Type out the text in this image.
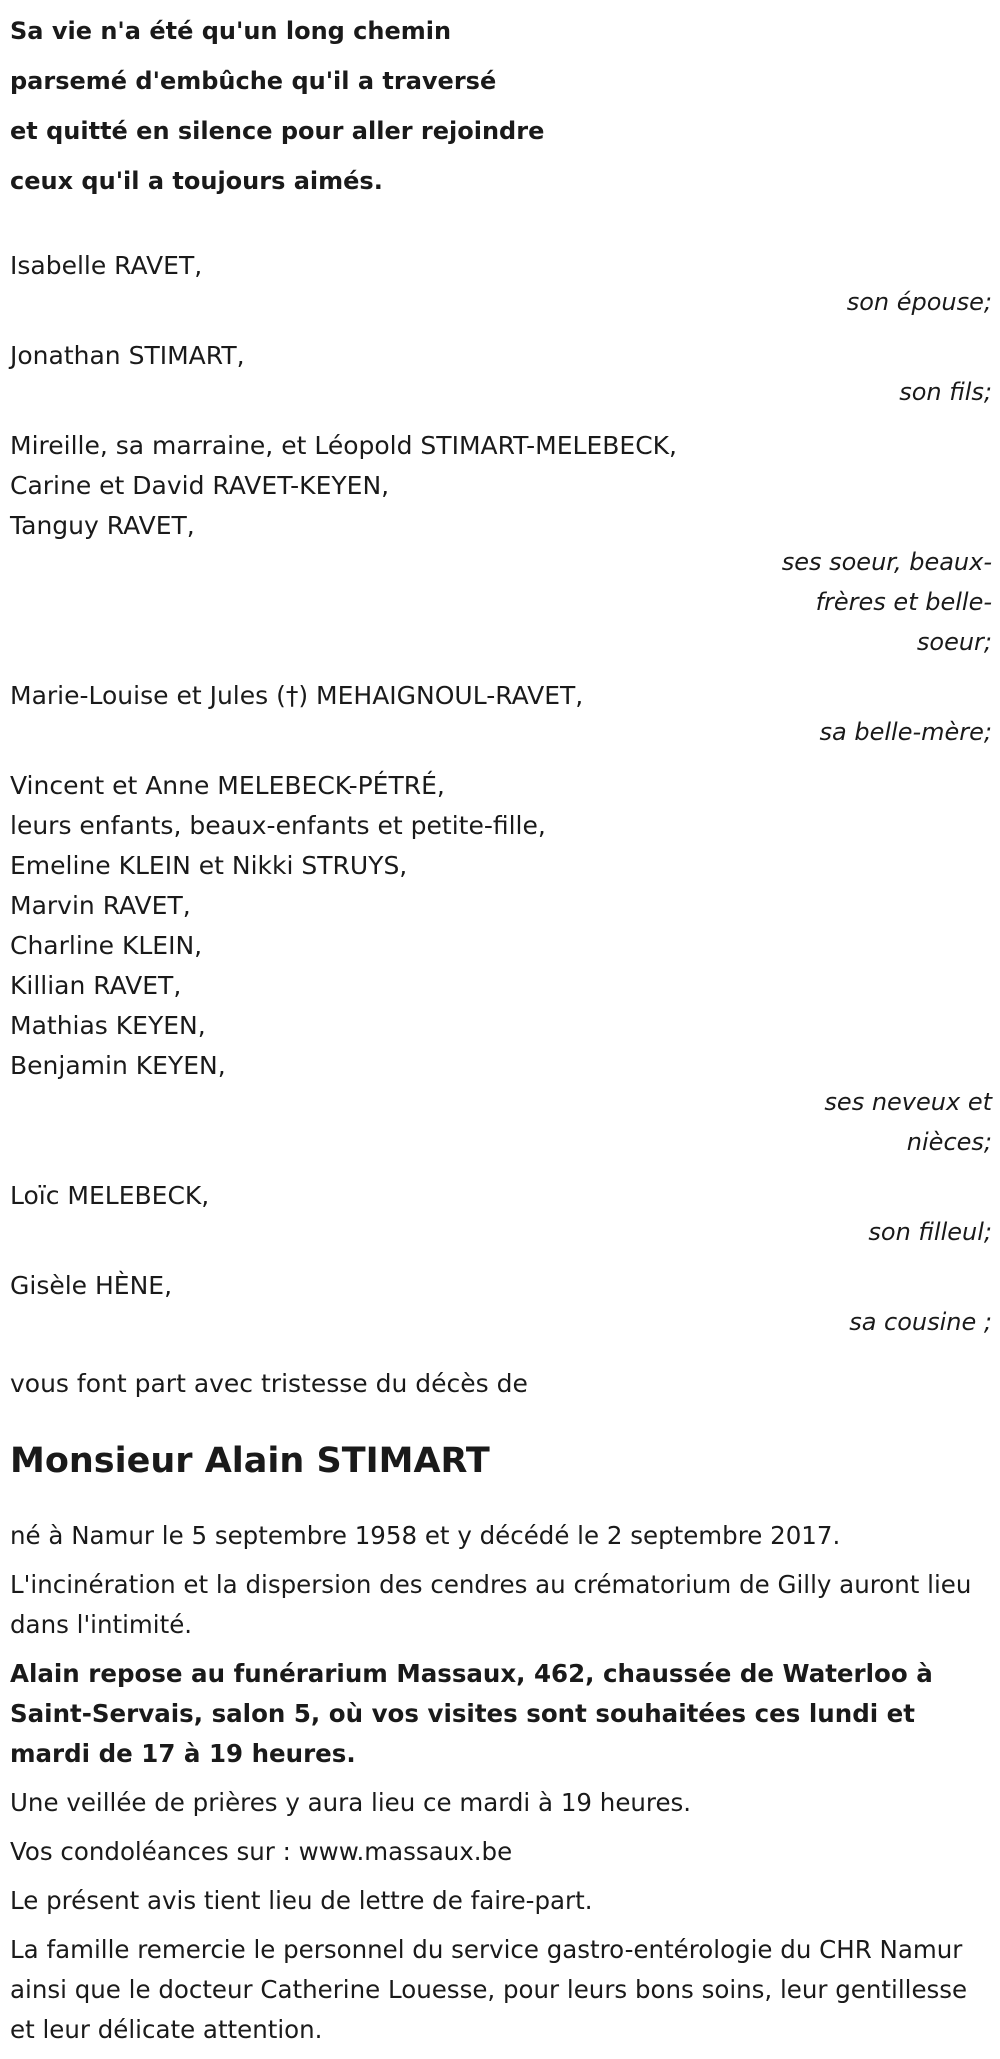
Sa vie n'a été qu'un long chemin

parsemé d'embûche qu'il a traversé

et quitté en silence pour aller rejoindre

ceux qu'il a toujours aimés.

Isabelle RAVET,
son épouse;
Jonathan STIMART,
son fils;
Mireille, sa marraine, et Léopold STIMART-MELEBECK,
Carine et David RAVET-KEYEN,
Tanguy RAVET,
ses soeur, beaux-frères et belle-soeur;
Marie-Louise et Jules (†) MEHAIGNOUL-RAVET,
sa belle-mère;
Vincent et Anne MELEBECK-PÉTRÉ,
leurs enfants, beaux-enfants et petite-fille,
Emeline KLEIN et Nikki STRUYS,
Marvin RAVET,
Charline KLEIN,
Killian RAVET,
Mathias KEYEN,
Benjamin KEYEN,
ses neveux et nièces;
Loïc MELEBECK,
son filleul;
Gisèle HÈNE,
sa cousine ;
vous font part avec tristesse du décès de
Monsieur Alain STIMART

né à Namur le 5 septembre 1958 et y décédé le 2 septembre 2017.

L'incinération et la dispersion des cendres au crématorium de Gilly auront lieu dans l'intimité.

Alain repose au funérarium Massaux, 462, chaussée de Waterloo à Saint-Servais, salon 5, où vos visites sont souhaitées ces lundi et mardi de 17 à 19 heures.

Une veillée de prières y aura lieu ce mardi à 19 heures.

Vos condoléances sur : www.massaux.be

Le présent avis tient lieu de lettre de faire-part.

La famille remercie le personnel du service gastro-entérologie du CHR Namur ainsi que le docteur Catherine Louesse, pour leurs bons soins, leur gentillesse et leur délicate attention.
